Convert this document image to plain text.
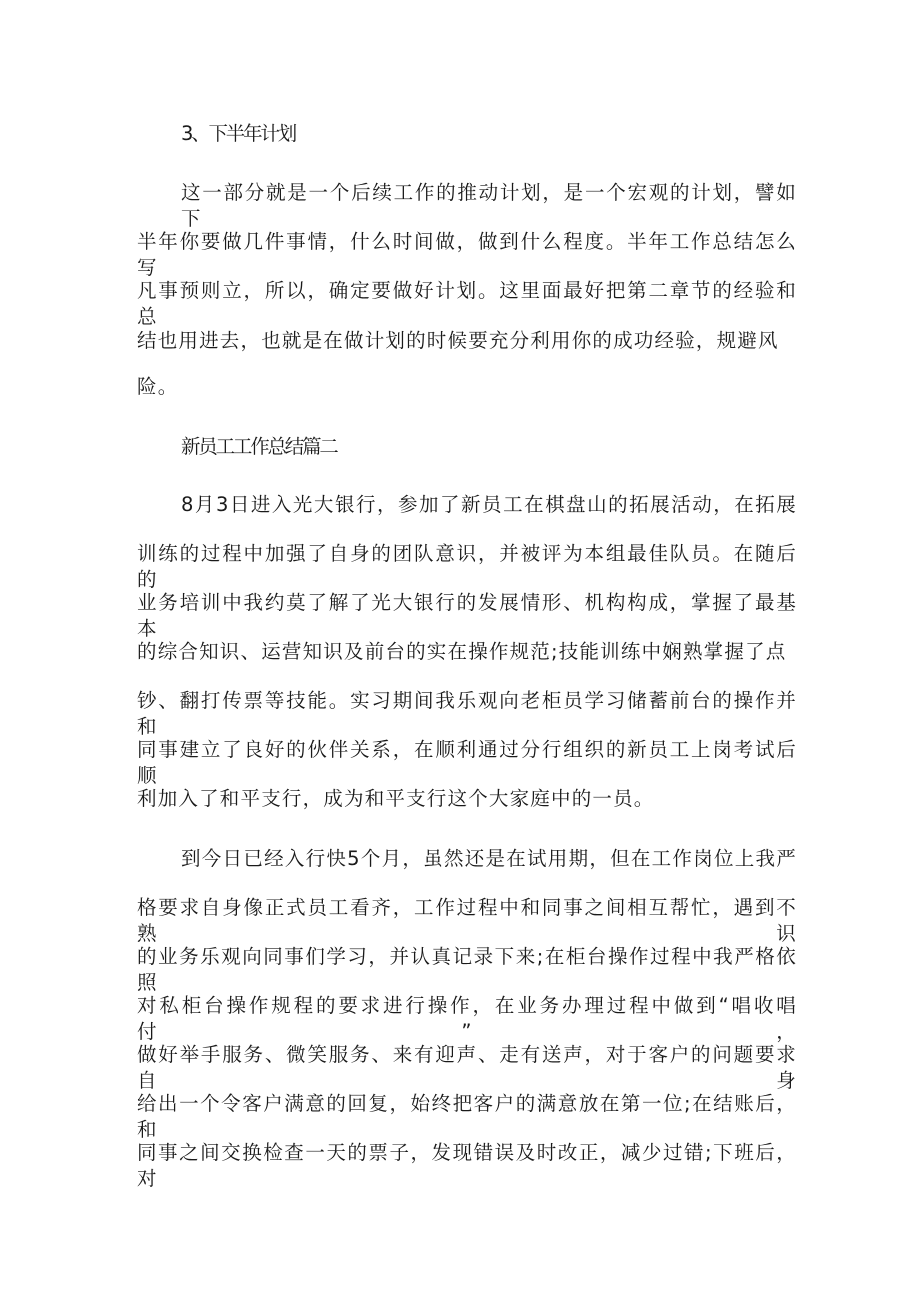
3、下半年计划
这一部分就是一个后续工作的推动计划，是一个宏观的计划，譬如下
半年你要做几件事情，什么时间做，做到什么程度。半年工作总结怎么写
凡事预则立，所以，确定要做好计划。这里面最好把第二章节的经验和总
结也用进去，也就是在做计划的时候要充分利用你的成功经验，规避风
险。
新员工工作总结篇二
8月3日进入光大银行，参加了新员工在棋盘山的拓展活动，在拓展
训练的过程中加强了自身的团队意识，并被评为本组最佳队员。在随后的
业务培训中我约莫了解了光大银行的发展情形、机构构成，掌握了最基本
的综合知识、运营知识及前台的实在操作规范;技能训练中娴熟掌握了点
钞、翻打传票等技能。实习期间我乐观向老柜员学习储蓄前台的操作并和
同事建立了良好的伙伴关系，在顺利通过分行组织的新员工上岗考试后顺
利加入了和平支行，成为和平支行这个大家庭中的一员。
到今日已经入行快5个月，虽然还是在试用期，但在工作岗位上我严
格要求自身像正式员工看齐，工作过程中和同事之间相互帮忙，遇到不熟识
的业务乐观向同事们学习，并认真记录下来;在柜台操作过程中我严格依照
对私柜台操作规程的要求进行操作，在业务办理过程中做到“唱收唱付”，
做好举手服务、微笑服务、来有迎声、走有送声，对于客户的问题要求自身
给出一个令客户满意的回复，始终把客户的满意放在第一位;在结账后，和
同事之间交换检查一天的票子，发现错误及时改正，减少过错;下班后，对
